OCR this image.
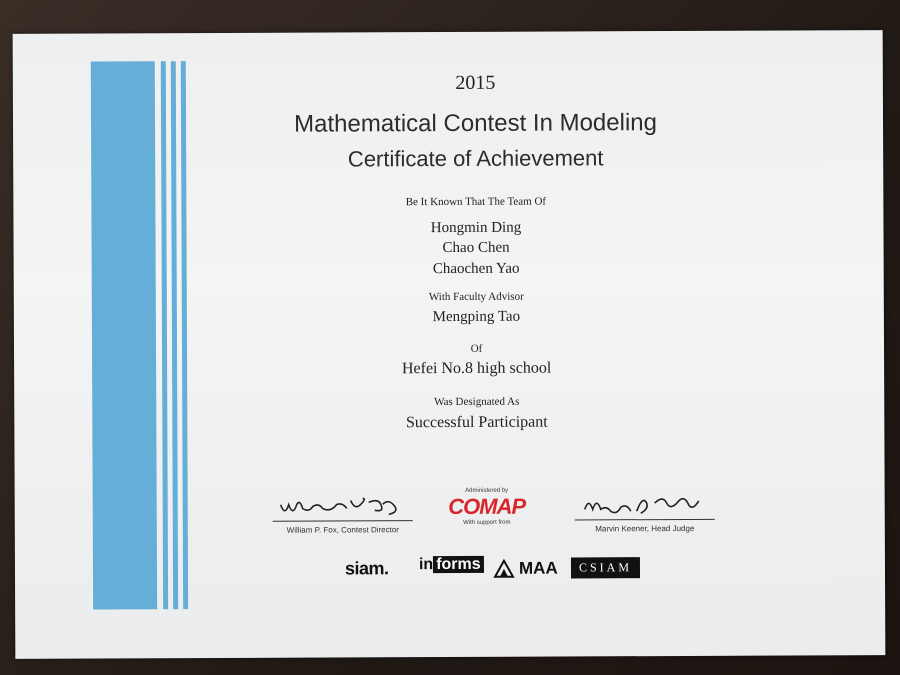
2015
Mathematical Contest In Modeling
Certificate of Achievement
Be It Known That The Team Of
Hongmin Ding
Chao Chen
Chaochen Yao
With Faculty Advisor
Mengping Tao
Of
Hefei No.8 high school
Was Designated As
Successful Participant
William P. Fox, Contest Director
Administered by
COMAP
With support from
Marvin Keener, Head Judge
siam. in forms MAA	CSIAM
